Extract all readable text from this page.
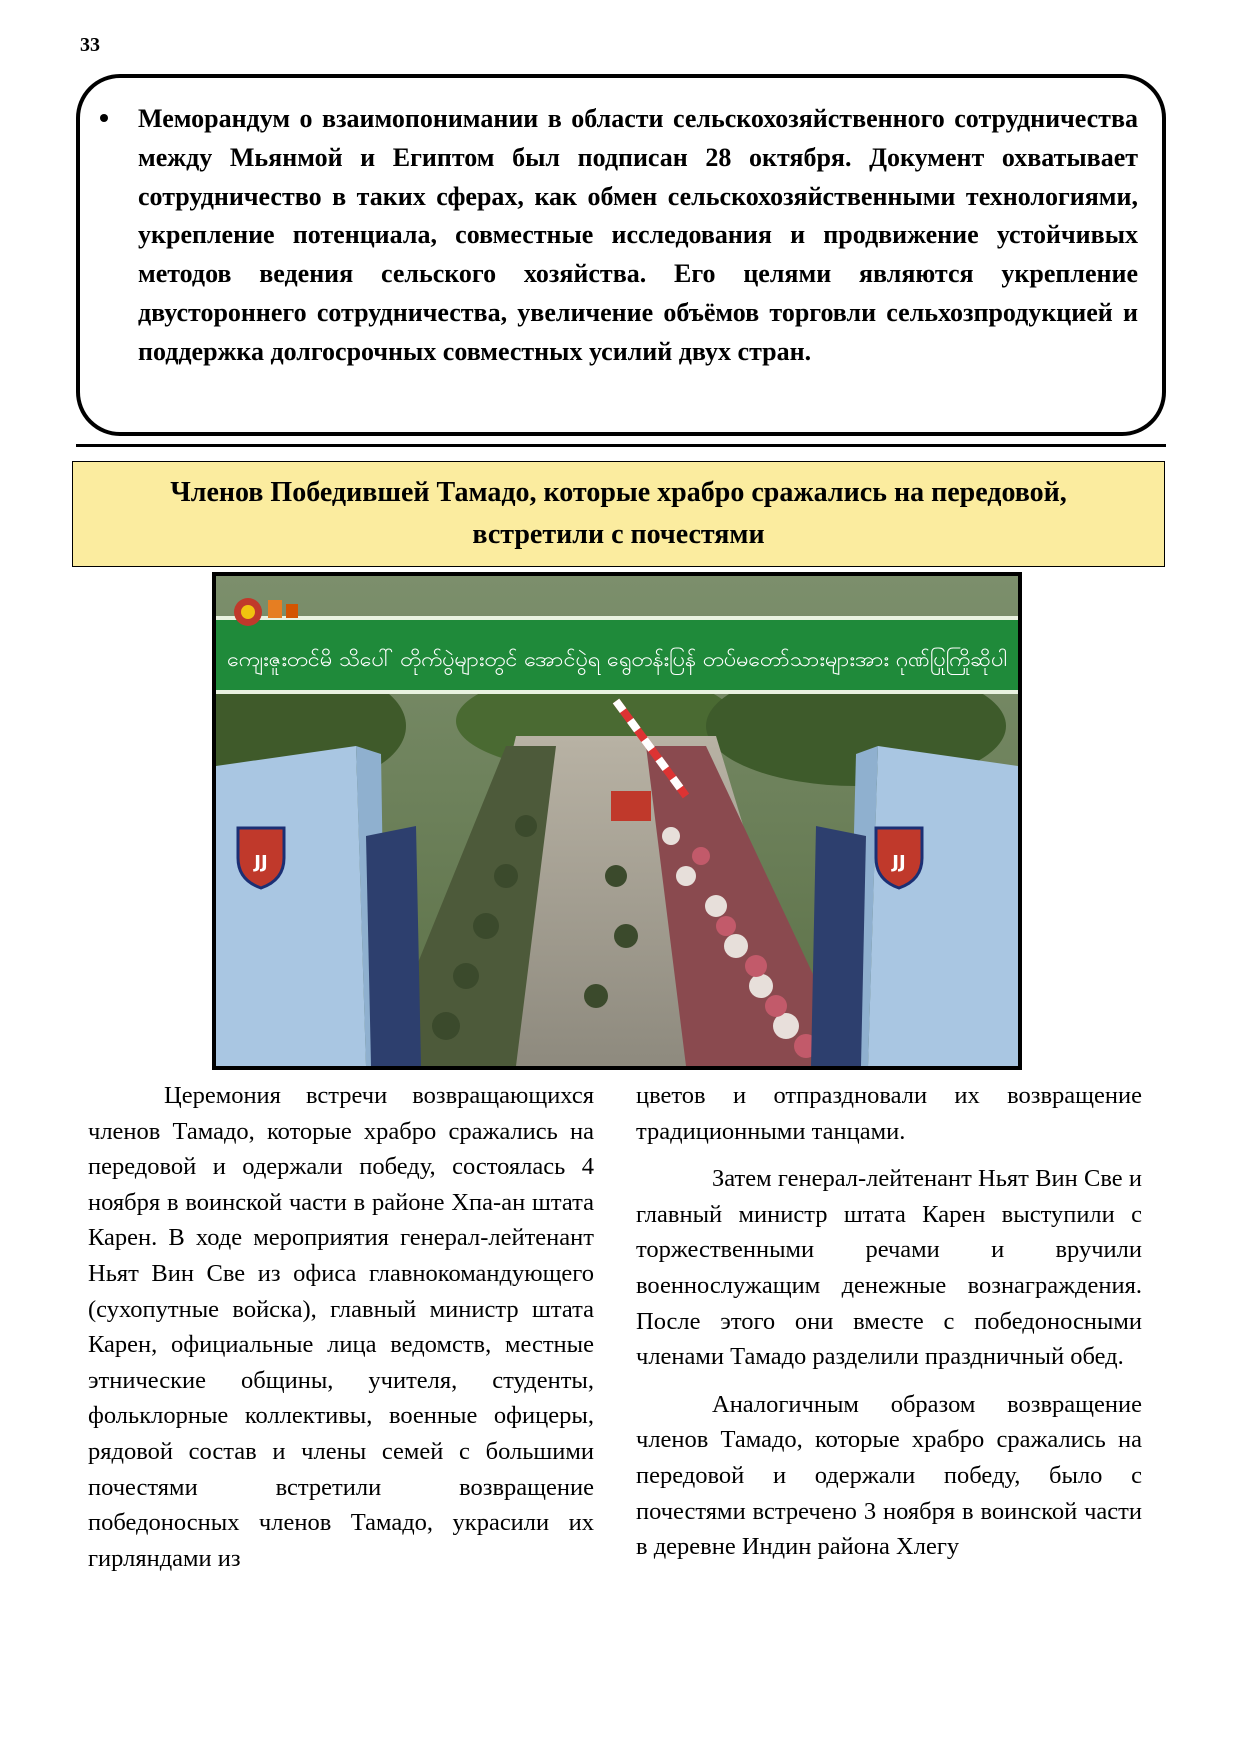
33
Меморандум о взаимопонимании в области сельскохозяйственного сотрудничества между Мьянмой и Египтом был подписан 28 октября. Документ охватывает сотрудничество в таких сферах, как обмен сельскохозяйственными технологиями, укрепление потенциала, совместные исследования и продвижение устойчивых методов ведения сельского хозяйства. Его целями являются укрепление двустороннего сотрудничества, увеличение объёмов торговли сельхозпродукцией и поддержка долгосрочных совместных усилий двух стран.
Членов Победившей Тамадо, которые храбро сражались на передовой,
встретили с почестями
JJ	JJ
ကျေးဇူးတင်မိ သိပေါ် တိုက်ပွဲများတွင် အောင်ပွဲရ ရွေတန်းပြန် တပ်မတော်သားများအား ဂုဏ်ပြုကြိုဆိုပါ

Церемония встречи возвращающихся членов Тамадо, которые храбро сражались на передовой и одержали победу, состоялась 4 ноября в воинской части в районе Хпа-ан штата Карен. В ходе мероприятия генерал-лейтенант Ньят Вин Све из офиса главнокомандующего (сухопутные войска), главный министр штата Карен, официальные лица ведомств, местные этнические общины, учителя, студенты, фольклорные коллективы, военные офицеры, рядовой состав и члены семей с большими почестями встретили возвращение победоносных членов Тамадо, украсили их гирляндами из

цветов и отпраздновали их возвращение традиционными танцами.

Затем генерал-лейтенант Ньят Вин Све и главный министр штата Карен выступили с торжественными речами и вручили военнослужащим денежные вознаграждения. После этого они вместе с победоносными членами Тамадо разделили праздничный обед.

Аналогичным образом возвращение членов Тамадо, которые храбро сражались на передовой и одержали победу, было с почестями встречено 3 ноября в воинской части в деревне Индин района Хлегу
